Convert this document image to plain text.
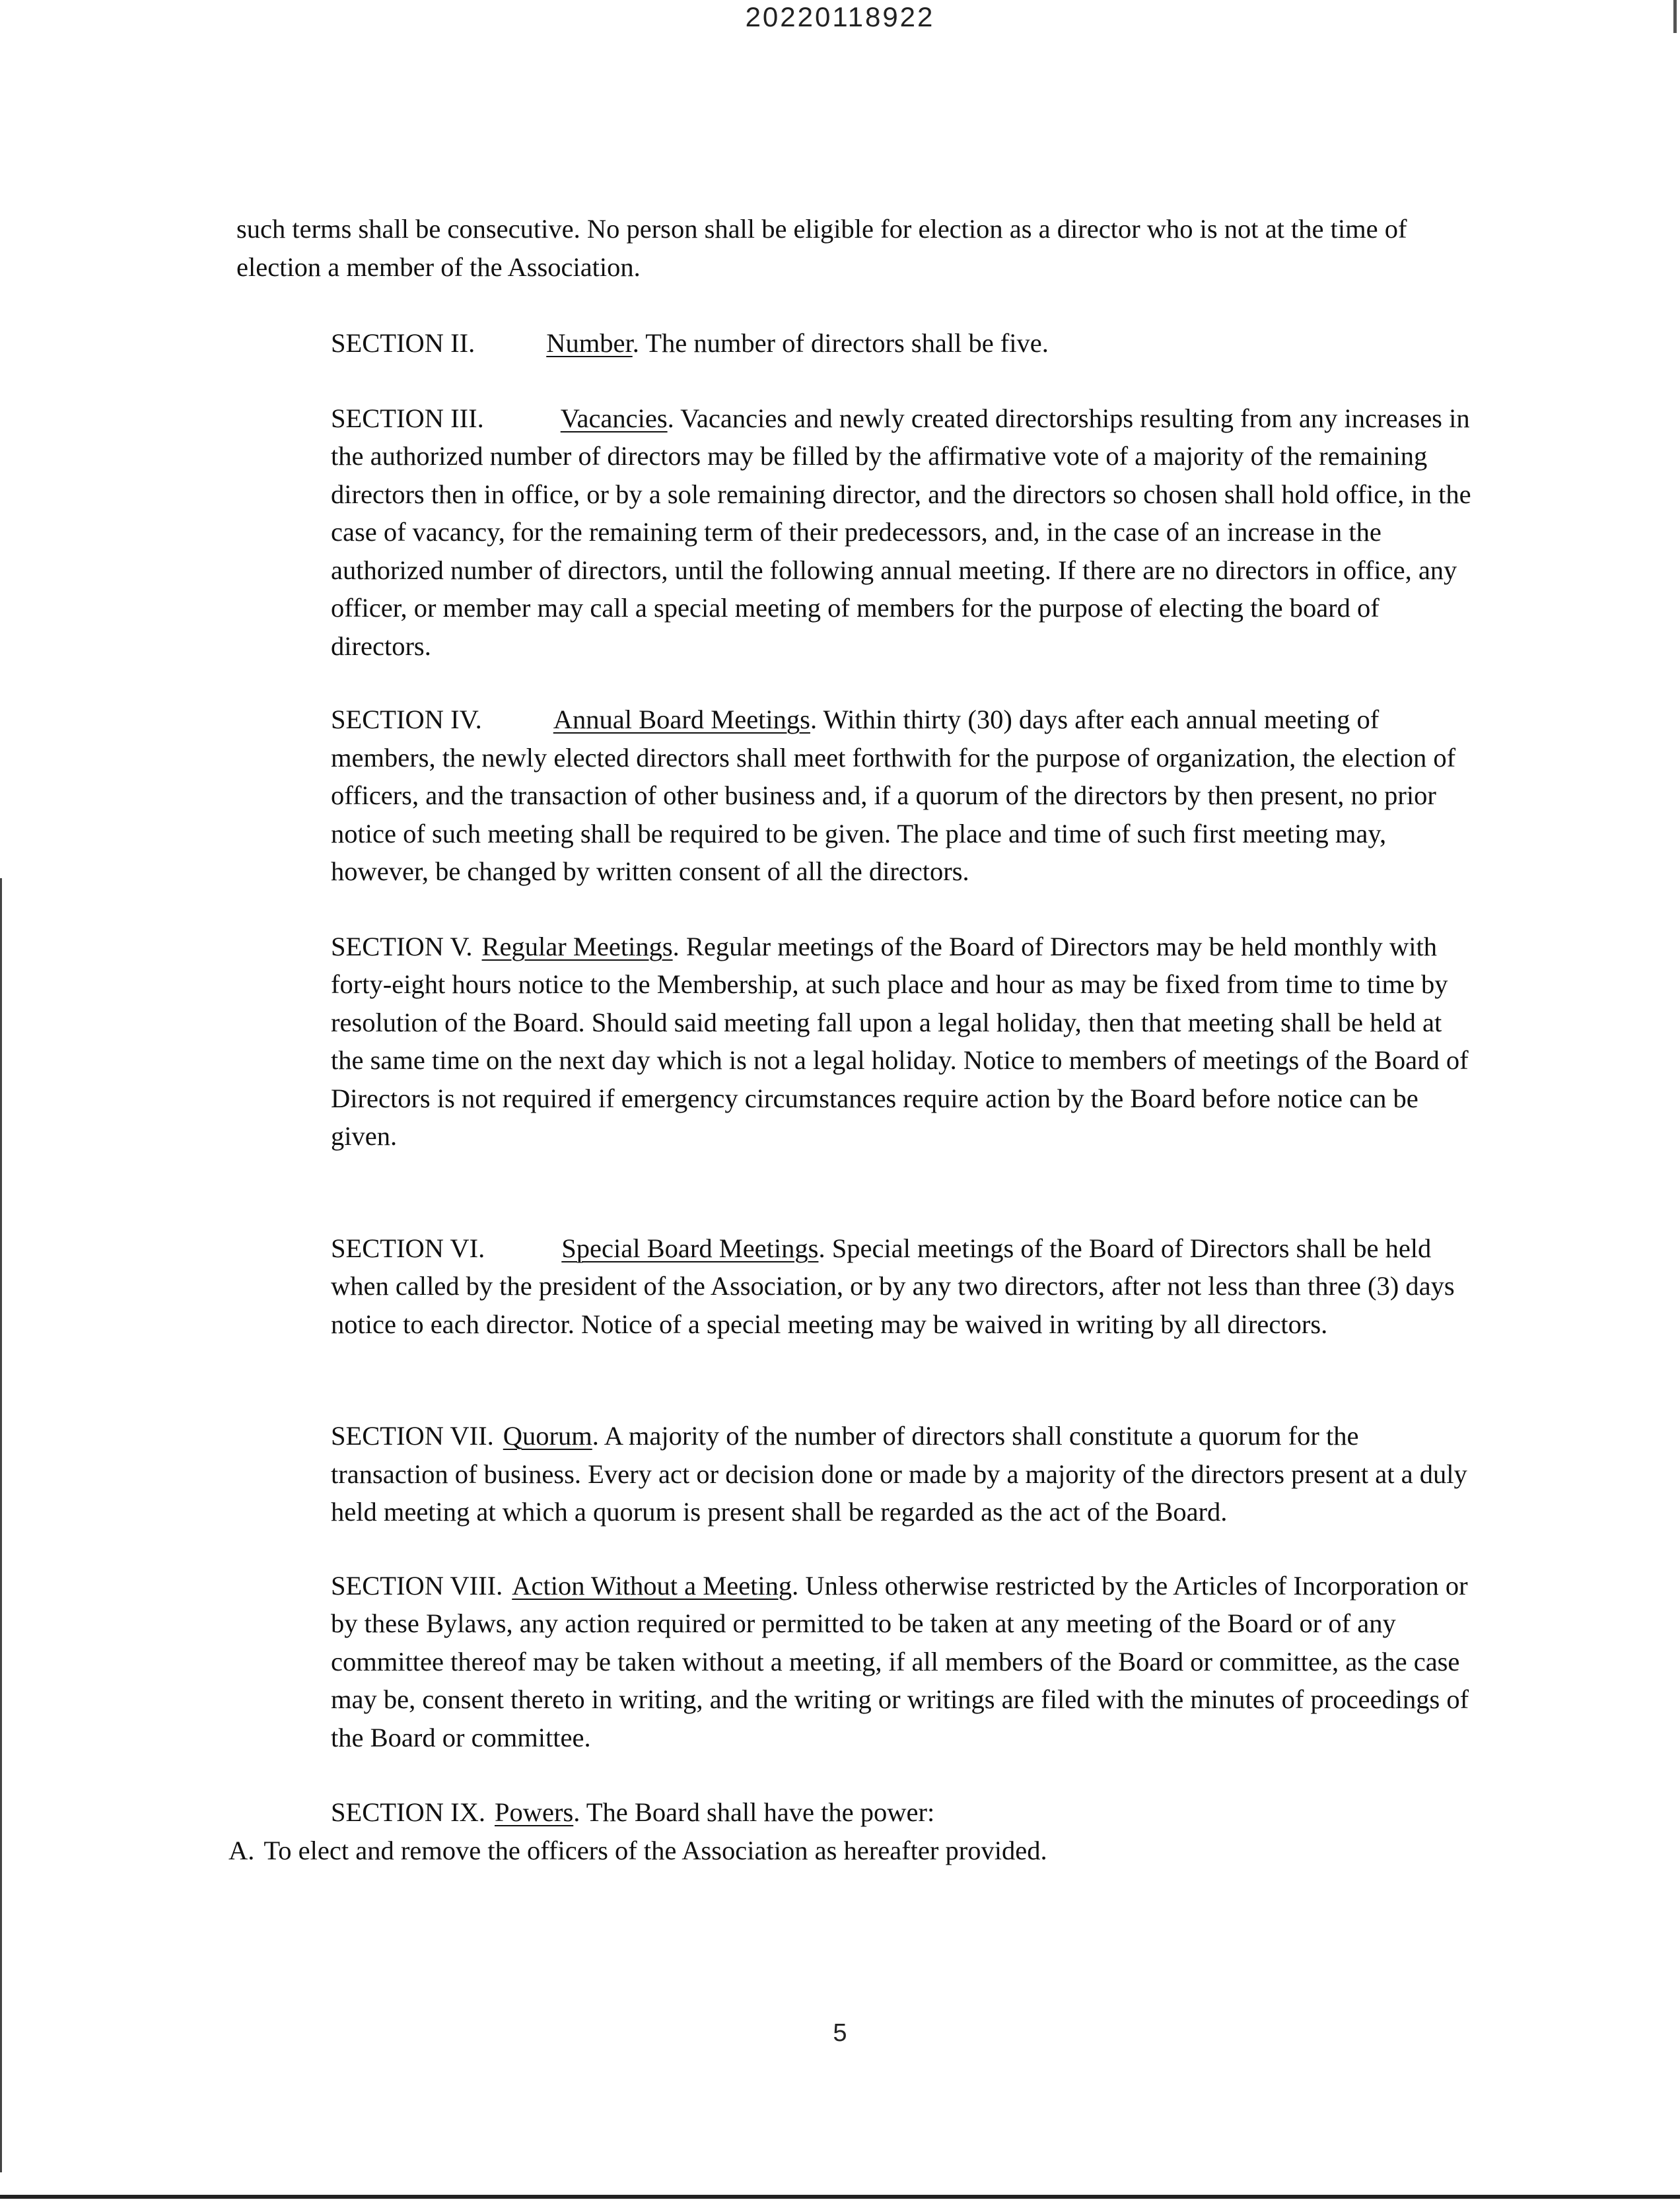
20220118922

such terms shall be consecutive. No person shall be eligible for election as a director who is not at the time of election a member of the Association.

SECTION II.	Number. The number of directors shall be five.

SECTION III.	Vacancies. Vacancies and newly created directorships resulting from any increases in the authorized number of directors may be filled by the affirmative vote of a majority of the remaining directors then in office, or by a sole remaining director, and the directors so chosen shall hold office, in the case of vacancy, for the remaining term of their predecessors, and, in the case of an increase in the authorized number of directors, until the following annual meeting. If there are no directors in office, any officer, or member may call a special meeting of members for the purpose of electing the board of directors.

SECTION IV.	Annual Board Meetings. Within thirty (30) days after each annual meeting of members, the newly elected directors shall meet forthwith for the purpose of organization, the election of officers, and the transaction of other business and, if a quorum of the directors by then present, no prior notice of such meeting shall be required to be given. The place and time of such first meeting may, however, be changed by written consent of all the directors.

SECTION V. Regular Meetings. Regular meetings of the Board of Directors may be held monthly with forty-eight hours notice to the Membership, at such place and hour as may be fixed from time to time by resolution of the Board. Should said meeting fall upon a legal holiday, then that meeting shall be held at the same time on the next day which is not a legal holiday. Notice to members of meetings of the Board of Directors is not required if emergency circumstances require action by the Board before notice can be given.

SECTION VI.	Special Board Meetings. Special meetings of the Board of Directors shall be held when called by the president of the Association, or by any two directors, after not less than three (3) days notice to each director. Notice of a special meeting may be waived in writing by all directors.

SECTION VII. Quorum. A majority of the number of directors shall constitute a quorum for the transaction of business. Every act or decision done or made by a majority of the directors present at a duly held meeting at which a quorum is present shall be regarded as the act of the Board.

SECTION VIII. Action Without a Meeting. Unless otherwise restricted by the Articles of Incorporation or by these Bylaws, any action required or permitted to be taken at any meeting of the Board or of any committee thereof may be taken without a meeting, if all members of the Board or committee, as the case may be, consent thereto in writing, and the writing or writings are filed with the minutes of proceedings of the Board or committee.

SECTION IX. Powers. The Board shall have the power:

A. To elect and remove the officers of the Association as hereafter provided.

5
